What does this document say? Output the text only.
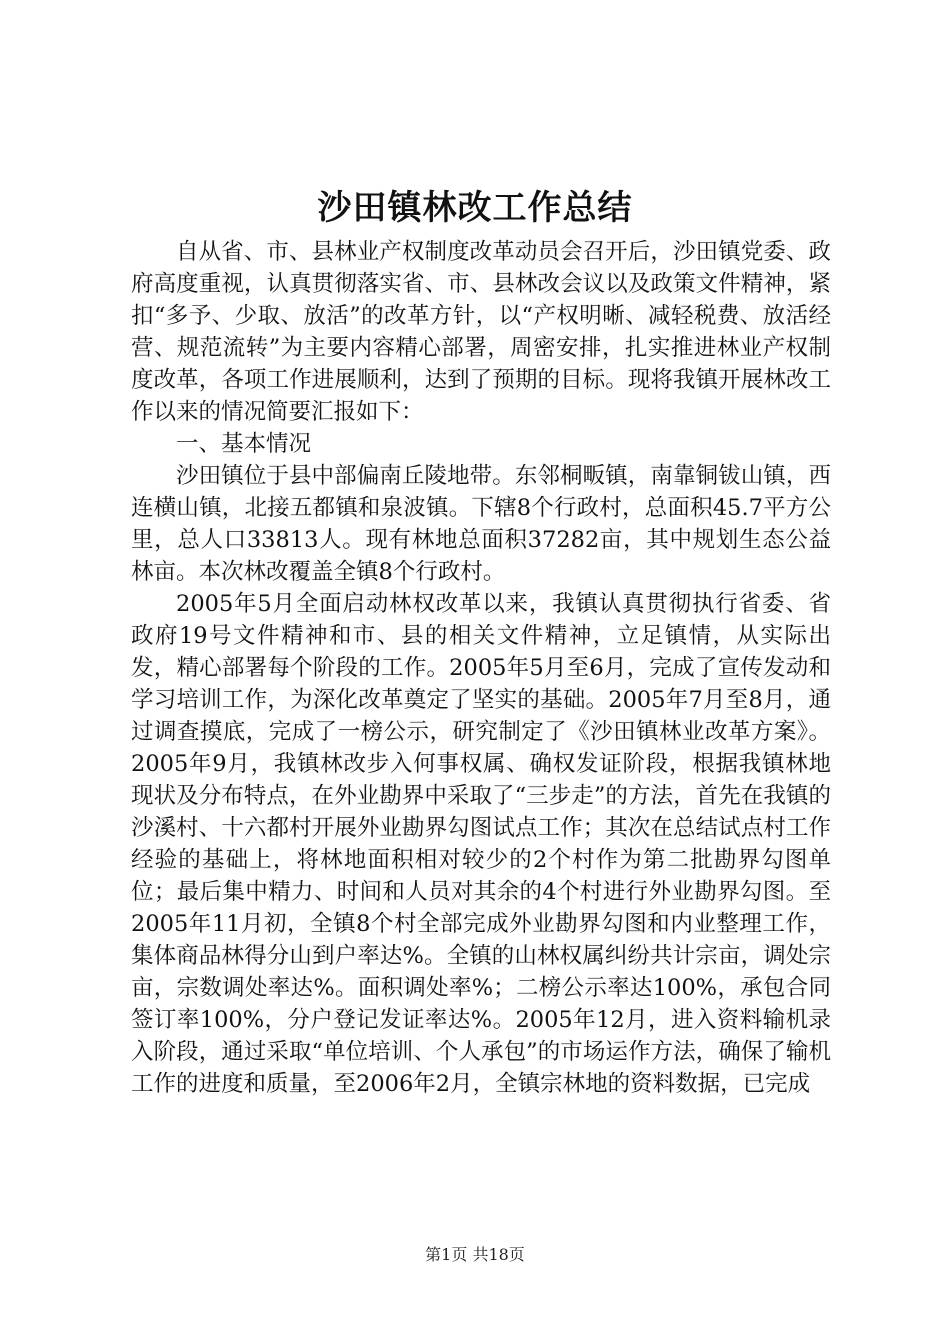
沙田镇林改工作总结

自从省、市、县林业产权制度改革动员会召开后，沙田镇党委、政府高度重视，认真贯彻落实省、市、县林改会议以及政策文件精神，紧扣“多予、少取、放活”的改革方针，以“产权明晰、减轻税费、放活经营、规范流转”为主要内容精心部署，周密安排，扎实推进林业产权制度改革，各项工作进展顺利，达到了预期的目标。现将我镇开展林改工作以来的情况简要汇报如下：

一、基本情况

沙田镇位于县中部偏南丘陵地带。东邻桐畈镇，南靠铜钹山镇，西连横山镇，北接五都镇和泉波镇。下辖8个行政村，总面积45.7平方公里，总人口33813人。现有林地总面积37282亩，其中规划生态公益林亩。本次林改覆盖全镇8个行政村。

2005年5月全面启动林权改革以来，我镇认真贯彻执行省委、省政府19号文件精神和市、县的相关文件精神，立足镇情，从实际出发，精心部署每个阶段的工作。2005年5月至6月，完成了宣传发动和学习培训工作，为深化改革奠定了坚实的基础。2005年7月至8月，通过调查摸底，完成了一榜公示，研究制定了《沙田镇林业改革方案》。2005年9月，我镇林改步入何事权属、确权发证阶段，根据我镇林地现状及分布特点，在外业勘界中采取了“三步走”的方法，首先在我镇的沙溪村、十六都村开展外业勘界勾图试点工作；其次在总结试点村工作经验的基础上，将林地面积相对较少的2个村作为第二批勘界勾图单位；最后集中精力、时间和人员对其余的4个村进行外业勘界勾图。至2005年11月初，全镇8个村全部完成外业勘界勾图和内业整理工作，集体商品林得分山到户率达%。全镇的山林权属纠纷共计宗亩，调处宗亩，宗数调处率达%。面积调处率%；二榜公示率达100%，承包合同签订率100%，分户登记发证率达%。2005年12月，进入资料输机录入阶段，通过采取“单位培训、个人承包”的市场运作方法，确保了输机工作的进度和质量，至2006年2月，全镇宗林地的资料数据，已完成

第1页 共18页
